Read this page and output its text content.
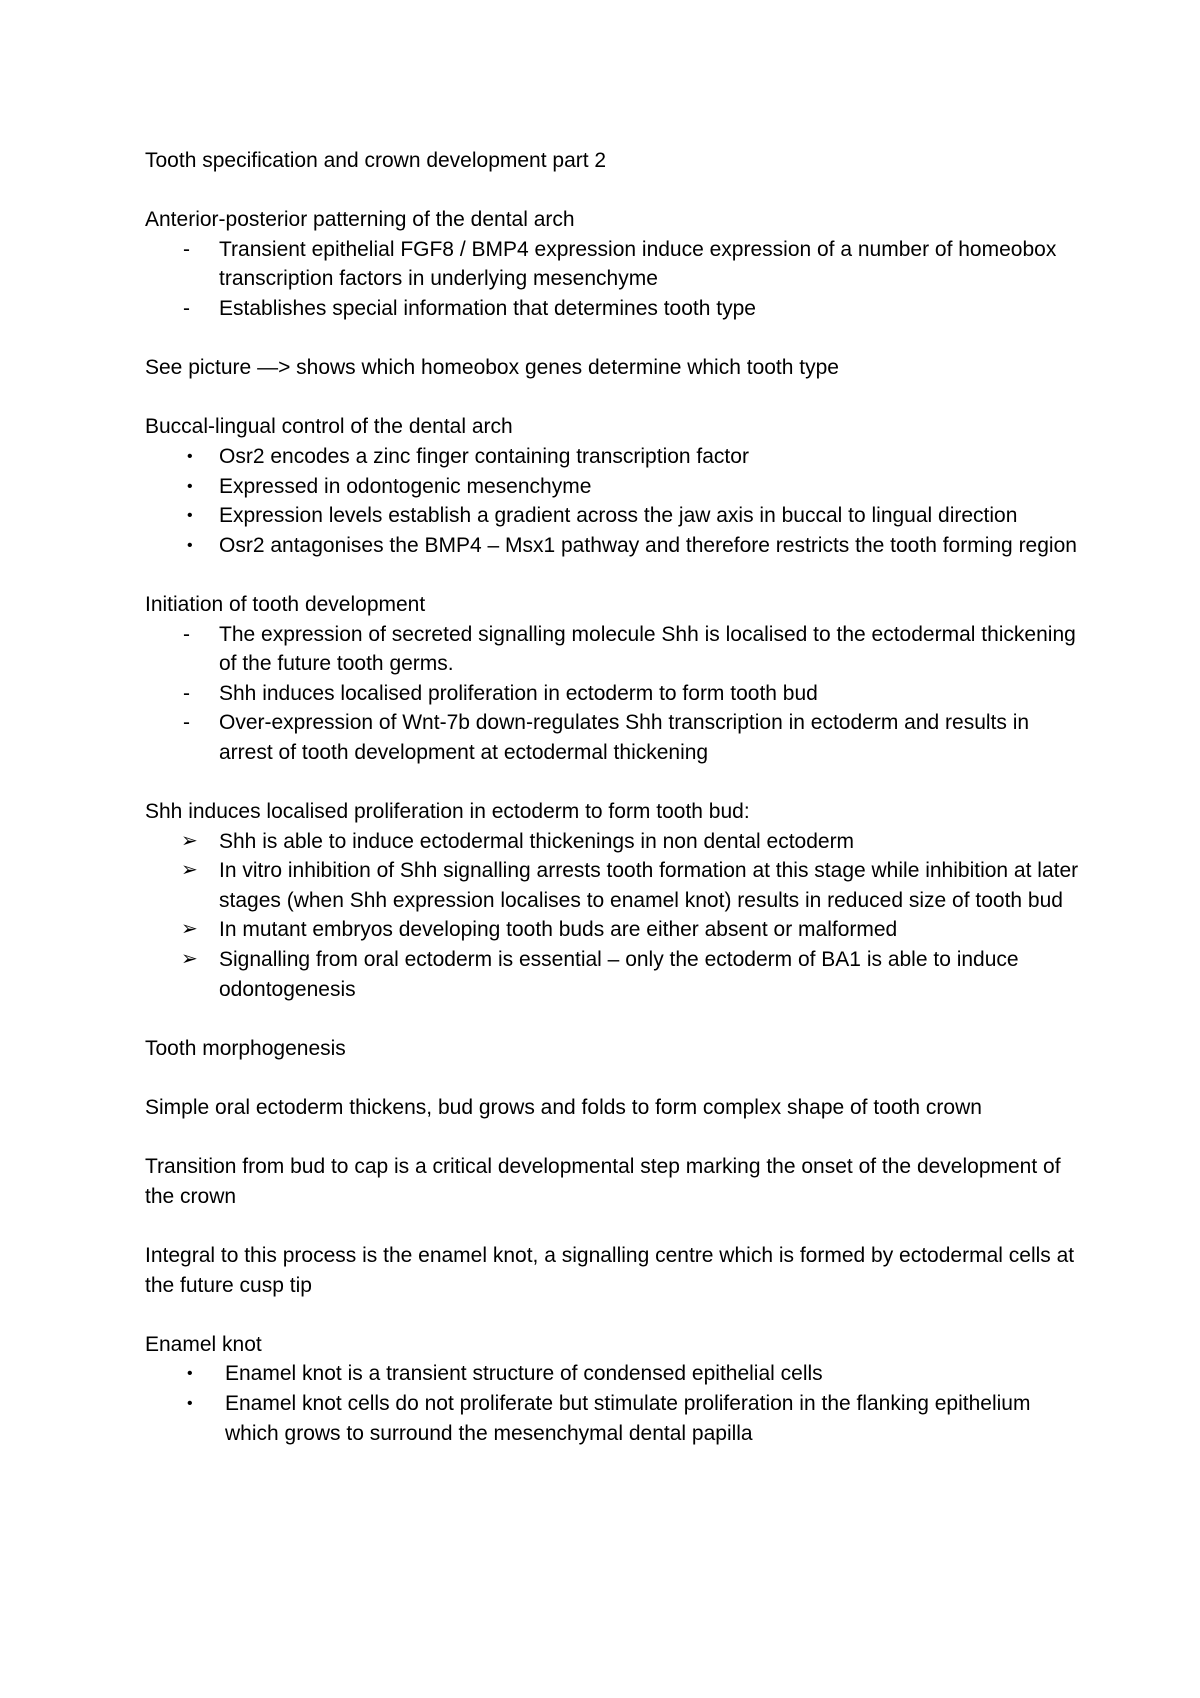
Tooth specification and crown development part 2

Anterior-posterior patterning of the dental arch

-	Transient epithelial FGF8 / BMP4 expression induce expression of a number of homeobox transcription factors in underlying mesenchyme
-	Establishes special information that determines tooth type

See picture —> shows which homeobox genes determine which tooth type

Buccal-lingual control of the dental arch

•	Osr2 encodes a zinc finger containing transcription factor
•	Expressed in odontogenic mesenchyme
•	Expression levels establish a gradient across the jaw axis in buccal to lingual direction
•	Osr2 antagonises the BMP4 – Msx1 pathway and therefore restricts the tooth forming region

Initiation of tooth development

-	The expression of secreted signalling molecule Shh is localised to the ectodermal thickening of the future tooth germs.
-	Shh induces localised proliferation in ectoderm to form tooth bud
-	Over-expression of Wnt-7b down-regulates Shh transcription in ectoderm and results in arrest of tooth development at ectodermal thickening

Shh induces localised proliferation in ectoderm to form tooth bud:

➢	Shh is able to induce ectodermal thickenings in non dental ectoderm
➢	In vitro inhibition of Shh signalling arrests tooth formation at this stage while inhibition at later stages (when Shh expression localises to enamel knot) results in reduced size of tooth bud
➢	In mutant embryos developing tooth buds are either absent or malformed
➢	Signalling from oral ectoderm is essential – only the ectoderm of BA1 is able to induce odontogenesis

Tooth morphogenesis

Simple oral ectoderm thickens, bud grows and folds to form complex shape of tooth crown

Transition from bud to cap is a critical developmental step marking the onset of the development of the crown

Integral to this process is the enamel knot, a signalling centre which is formed by ectodermal cells at the future cusp tip

Enamel knot

•	Enamel knot is a transient structure of condensed epithelial cells
•	Enamel knot cells do not proliferate but stimulate proliferation in the flanking epithelium which grows to surround the mesenchymal dental papilla
